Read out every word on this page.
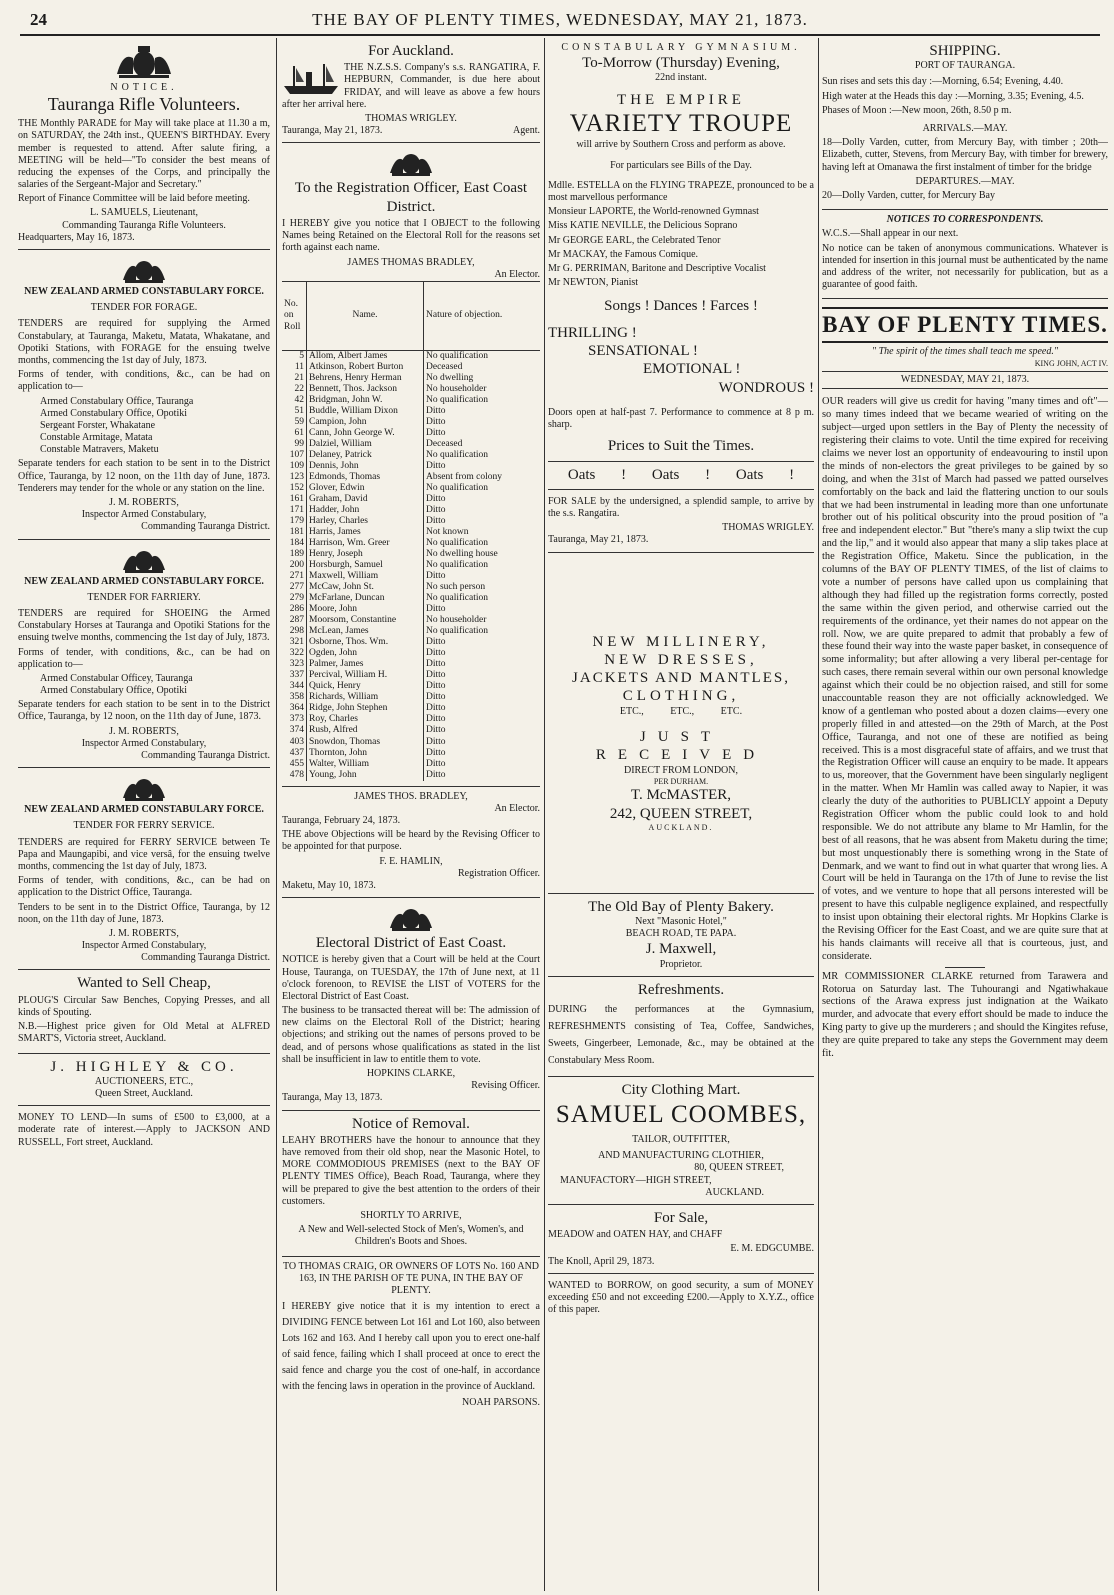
24	THE BAY OF PLENTY TIMES, WEDNESDAY, MAY 21, 1873.
NOTICE.
Tauranga Rifle Volunteers.

THE Monthly PARADE for May will take place at 11.30 a m, on SATURDAY, the 24th inst., QUEEN'S BIRTHDAY. Every member is requested to attend. After salute firing, a MEETING will be held—"To consider the best means of reducing the expenses of the Corps, and principally the salaries of the Sergeant-Major and Secretary."

Report of Finance Committee will be laid before meeting.

L. SAMUELS, Lieutenant,
Commanding Tauranga Rifle Volunteers.
Headquarters, May 16, 1873.
NEW ZEALAND ARMED CONSTABULARY FORCE.
TENDER FOR FORAGE.

TENDERS are required for supplying the Armed Constabulary, at Tauranga, Maketu, Matata, Whakatane, and Opotiki Stations, with FORAGE for the ensuing twelve months, commencing the 1st day of July, 1873.

Forms of tender, with conditions, &c., can be had on application to—

Armed Constabulary Office, Tauranga
Armed Constabulary Office, Opotiki
Sergeant Forster, Whakatane
Constable Armitage, Matata
Constable Matravers, Maketu

Separate tenders for each station to be sent in to the District Office, Tauranga, by 12 noon, on the 11th day of June, 1873. Tenderers may tender for the whole or any station on the line.

J. M. ROBERTS,
Inspector Armed Constabulary,
Commanding Tauranga District.
NEW ZEALAND ARMED CONSTABULARY FORCE.
TENDER FOR FARRIERY.

TENDERS are required for SHOEING the Armed Constabulary Horses at Tauranga and Opotiki Stations for the ensuing twelve months, commencing the 1st day of July, 1873.

Forms of tender, with conditions, &c., can be had on application to—

Armed Constabular Officey, Tauranga
Armed Constabulary Office, Opotiki

Separate tenders for each station to be sent in to the District Office, Tauranga, by 12 noon, on the 11th day of June, 1873.

J. M. ROBERTS,
Inspector Armed Constabulary,
Commanding Tauranga District.
NEW ZEALAND ARMED CONSTABULARY FORCE.
TENDER FOR FERRY SERVICE.

TENDERS are required for FERRY SERVICE between Te Papa and Maungapibi, and vice versâ, for the ensuing twelve months, commencing the 1st day of July, 1873.

Forms of tender, with conditions, &c., can be had on application to the District Office, Tauranga.

Tenders to be sent in to the District Office, Tauranga, by 12 noon, on the 11th day of June, 1873.

J. M. ROBERTS,
Inspector Armed Constabulary,
Commanding Tauranga District.
Wanted to Sell Cheap,

PLOUG'S Circular Saw Benches, Copying Presses, and all kinds of Spouting.

N.B.—Highest price given for Old Metal at ALFRED SMART'S, Victoria street, Auckland.

J. HIGHLEY & CO.
AUCTIONEERS, ETC.,
Queen Street, Auckland.

MONEY TO LEND—In sums of £500 to £3,000, at a moderate rate of interest.—Apply to JACKSON AND RUSSELL, Fort street, Auckland.

For Auckland.

THE N.Z.S.S. Company's s.s. RANGATIRA, F. HEPBURN, Commander, is due here about FRIDAY, and will leave as above a few hours after her arrival here.

THOMAS WRIGLEY.
Tauranga, May 21, 1873.	Agent.
To the Registration Officer, East Coast District.

I HEREBY give you notice that I OBJECT to the following Names being Retained on the Electoral Roll for the reasons set forth against each name.

JAMES THOMAS BRADLEY,
An Elector.
No. on Roll	Name.	Nature of objection.
5	Allom, Albert James	No qualification
11	Atkinson, Robert Burton	Deceased
21	Behrens, Henry Herman	No dwelling
22	Bennett, Thos. Jackson	No householder
42	Bridgman, John W.	No qualification
51	Buddle, William Dixon	Ditto
59	Campion, John	Ditto
61	Cann, John George W.	Ditto
99	Dalziel, William	Deceased
107	Delaney, Patrick	No qualification
109	Dennis, John	Ditto
123	Edmonds, Thomas	Absent from colony
152	Glover, Edwin	No qualification
161	Graham, David	Ditto
171	Hadder, John	Ditto
179	Harley, Charles	Ditto
181	Harris, James	Not known
184	Harrison, Wm. Greer	No qualification
189	Henry, Joseph	No dwelling house
200	Horsburgh, Samuel	No qualification
271	Maxwell, William	Ditto
277	McCaw, John St.	No such person
279	McFarlane, Duncan	No qualification
286	Moore, John	Ditto
287	Moorsom, Constantine	No householder
298	McLean, James	No qualification
321	Osborne, Thos. Wm.	Ditto
322	Ogden, John	Ditto
323	Palmer, James	Ditto
337	Percival, William H.	Ditto
344	Quick, Henry	Ditto
358	Richards, William	Ditto
364	Ridge, John Stephen	Ditto
373	Roy, Charles	Ditto
374	Rusb, Alfred	Ditto
403	Snowdon, Thomas	Ditto
437	Thornton, John	Ditto
455	Walter, William	Ditto
478	Young, John	Ditto
JAMES THOS. BRADLEY,
An Elector.
Tauranga, February 24, 1873.

THE above Objections will be heard by the Revising Officer to be appointed for that purpose.

F. E. HAMLIN,
Registration Officer.
Maketu, May 10, 1873.
Electoral District of East Coast.

NOTICE is hereby given that a Court will be held at the Court House, Tauranga, on TUESDAY, the 17th of June next, at 11 o'clock forenoon, to REVISE the LIST of VOTERS for the Electoral District of East Coast.

The business to be transacted thereat will be: The admission of new claims on the Electoral Roll of the District; hearing objections; and striking out the names of persons proved to be dead, and of persons whose qualifications as stated in the list shall be insufficient in law to entitle them to vote.

HOPKINS CLARKE,
Revising Officer.
Tauranga, May 13, 1873.
Notice of Removal.

LEAHY BROTHERS have the honour to announce that they have removed from their old shop, near the Masonic Hotel, to MORE COMMODIOUS PREMISES (next to the BAY OF PLENTY TIMES Office), Beach Road, Tauranga, where they will be prepared to give the best attention to the orders of their customers.

SHORTLY TO ARRIVE,

A New and Well-selected Stock of Men's, Women's, and Children's Boots and Shoes.

TO THOMAS CRAIG, OR OWNERS OF LOTS No. 160 AND 163, IN THE PARISH OF TE PUNA, IN THE BAY OF PLENTY.

I HEREBY give notice that it is my intention to erect a DIVIDING FENCE between Lot 161 and Lot 160, also between Lots 162 and 163. And I hereby call upon you to erect one-half of said fence, failing which I shall proceed at once to erect the said fence and charge you the cost of one-half, in accordance with the fencing laws in operation in the province of Auckland.

NOAH PARSONS.
CONSTABULARY GYMNASIUM.
To-Morrow (Thursday) Evening,
22nd instant.
THE EMPIRE
VARIETY TROUPE
will arrive by Southern Cross and perform as above.
For particulars see Bills of the Day.

Mdlle. ESTELLA on the FLYING TRAPEZE, pronounced to be a most marvellous performance

Monsieur LAPORTE, the World-renowned Gymnast

Miss KATIE NEVILLE, the Delicious Soprano

Mr GEORGE EARL, the Celebrated Tenor

Mr MACKAY, the Famous Comique.

Mr G. PERRIMAN, Baritone and Descriptive Vocalist

Mr NEWTON, Pianist

Songs ! Dances ! Farces !
THRILLING !
SENSATIONAL !
EMOTIONAL !
WONDROUS !

Doors open at half-past 7. Performance to commence at 8 p m. sharp.

Prices to Suit the Times.
Oats ! Oats ! Oats !

FOR SALE by the undersigned, a splendid sample, to arrive by the s.s. Rangatira.

THOMAS WRIGLEY.
Tauranga, May 21, 1873.
NEW MILLINERY,
NEW DRESSES,
JACKETS AND MANTLES,
CLOTHING,
ETC., ETC., ETC.
JUST RECEIVED
DIRECT FROM LONDON,
PER DURHAM.
T. McMASTER,
242, QUEEN STREET,
AUCKLAND.
The Old Bay of Plenty Bakery.
Next "Masonic Hotel,"
BEACH ROAD, TE PAPA.
J. Maxwell,
Proprietor.
Refreshments.

DURING the performances at the Gymnasium, REFRESHMENTS consisting of Tea, Coffee, Sandwiches, Sweets, Gingerbeer, Lemonade, &c., may be obtained at the Constabulary Mess Room.

City Clothing Mart.
SAMUEL COOMBES,
TAILOR, OUTFITTER,
AND MANUFACTURING CLOTHIER,
80, QUEEN STREET,
MANUFACTORY—HIGH STREET,
AUCKLAND.
For Sale,

MEADOW and OATEN HAY, and CHAFF

E. M. EDGCUMBE.
The Knoll, April 29, 1873.

WANTED to BORROW, on good security, a sum of MONEY exceeding £50 and not exceeding £200.—Apply to X.Y.Z., office of this paper.

SHIPPING.
PORT OF TAURANGA.

Sun rises and sets this day :—Morning, 6.54; Evening, 4.40.

High water at the Heads this day :—Morning, 3.35; Evening, 4.5.

Phases of Moon :—New moon, 26th, 8.50 p m.

ARRIVALS.—MAY.

18—Dolly Varden, cutter, from Mercury Bay, with timber ; 20th—Elizabeth, cutter, Stevens, from Mercury Bay, with timber for brewery, having left at Omanawa the first instalment of timber for the bridge

DEPARTURES.—MAY.

20—Dolly Varden, cutter, for Mercury Bay

NOTICES TO CORRESPONDENTS.

W.C.S.—Shall appear in our next.

No notice can be taken of anonymous communications. Whatever is intended for insertion in this journal must be authenticated by the name and address of the writer, not necessarily for publication, but as a guarantee of good faith.

BAY OF PLENTY TIMES.
" The spirit of the times shall teach me speed."
KING JOHN, ACT IV.
WEDNESDAY, MAY 21, 1873.

OUR readers will give us credit for having "many times and oft"—so many times indeed that we became wearied of writing on the subject—urged upon settlers in the Bay of Plenty the necessity of registering their claims to vote. Until the time expired for receiving claims we never lost an opportunity of endeavouring to instil upon the minds of non-electors the great privileges to be gained by so doing, and when the 31st of March had passed we patted ourselves comfortably on the back and laid the flattering unction to our souls that we had been instrumental in leading more than one unfortunate brother out of his political obscurity into the proud position of "a free and independent elector." But "there's many a slip twixt the cup and the lip," and it would also appear that many a slip takes place at the Registration Office, Maketu. Since the publication, in the columns of the BAY OF PLENTY TIMES, of the list of claims to vote a number of persons have called upon us complaining that although they had filled up the registration forms correctly, posted the same within the given period, and otherwise carried out the requirements of the ordinance, yet their names do not appear on the roll. Now, we are quite prepared to admit that probably a few of these found their way into the waste paper basket, in consequence of some informality; but after allowing a very liberal per-centage for such cases, there remain several within our own personal knowledge against which their could be no objection raised, and still for some unaccountable reason they are not officially acknowledged. We know of a gentleman who posted about a dozen claims—every one properly filled in and attested—on the 29th of March, at the Post Office, Tauranga, and not one of these are notified as being received. This is a most disgraceful state of affairs, and we trust that the Registration Officer will cause an enquiry to be made. It appears to us, moreover, that the Government have been singularly negligent in the matter. When Mr Hamlin was called away to Napier, it was clearly the duty of the authorities to PUBLICLY appoint a Deputy Registration Officer whom the public could look to and hold responsible. We do not attribute any blame to Mr Hamlin, for the best of all reasons, that he was absent from Maketu during the time; but most unquestionably there is something wrong in the State of Denmark, and we want to find out in what quarter that wrong lies. A Court will be held in Tauranga on the 17th of June to revise the list of votes, and we venture to hope that all persons interested will be present to have this culpable negligence explained, and respectfully to insist upon obtaining their electoral rights. Mr Hopkins Clarke is the Revising Officer for the East Coast, and we are quite sure that at his hands claimants will receive all that is courteous, just, and considerate.

MR COMMISSIONER CLARKE returned from Tarawera and Rotorua on Saturday last. The Tuhourangi and Ngatiwhakaue sections of the Arawa express just indignation at the Waikato murder, and advocate that every effort should be made to induce the King party to give up the murderers ; and should the Kingites refuse, they are quite prepared to take any steps the Government may deem fit.
